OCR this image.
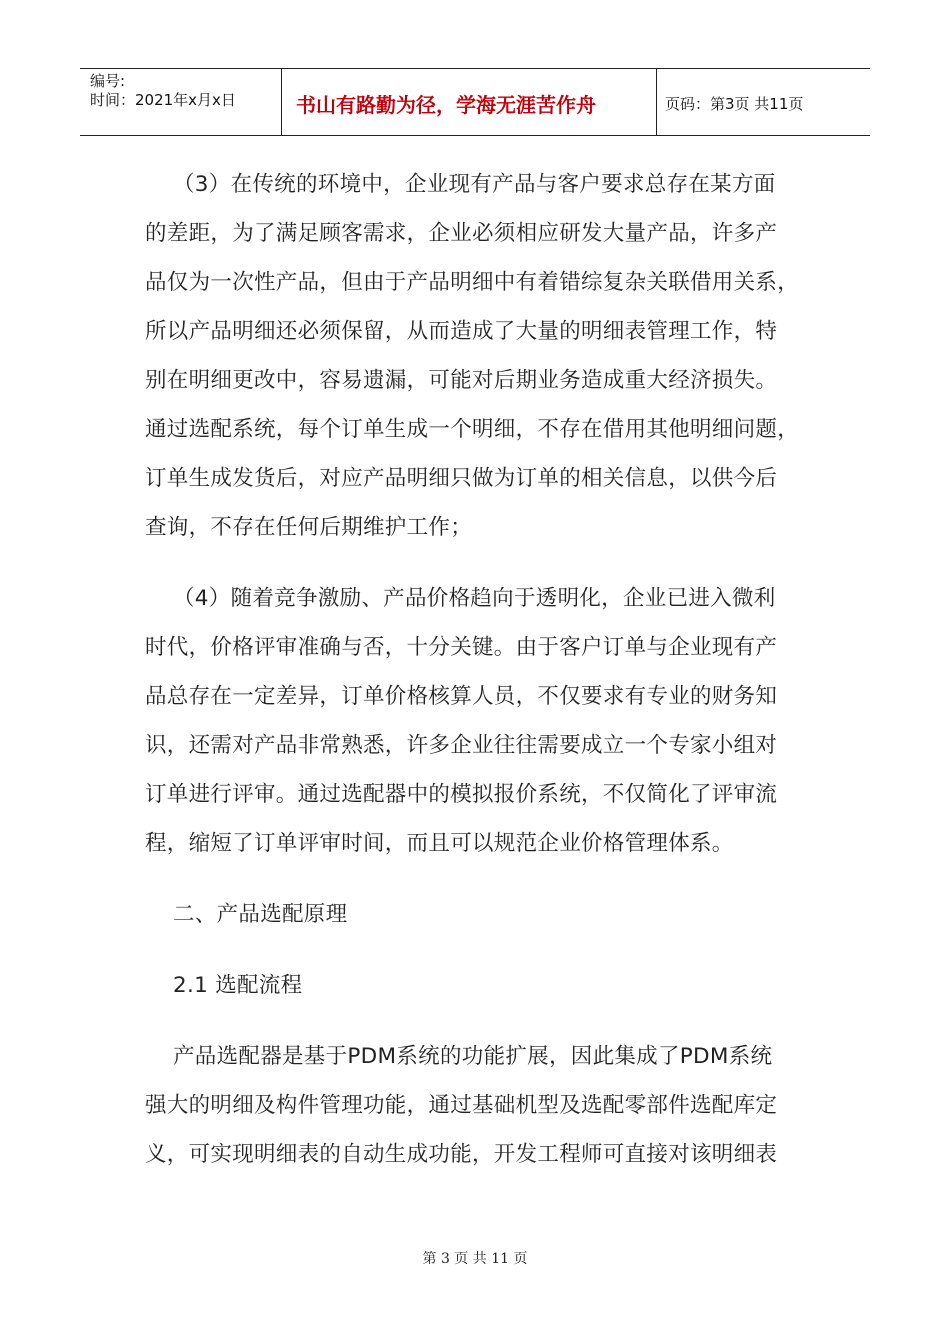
编号:
时间：2021年x月x日	书山有路勤为径，学海无涯苦作舟	页码：第3页 共11页
（3）在传统的环境中，企业现有产品与客户要求总存在某方面
的差距，为了满足顾客需求，企业必须相应研发大量产品，许多产
品仅为一次性产品，但由于产品明细中有着错综复杂关联借用关系，
所以产品明细还必须保留，从而造成了大量的明细表管理工作，特
别在明细更改中，容易遗漏，可能对后期业务造成重大经济损失。
通过选配系统，每个订单生成一个明细，不存在借用其他明细问题，
订单生成发货后，对应产品明细只做为订单的相关信息，以供今后
查询，不存在任何后期维护工作；
（4）随着竞争激励、产品价格趋向于透明化，企业已进入微利
时代，价格评审准确与否，十分关键。由于客户订单与企业现有产
品总存在一定差异，订单价格核算人员，不仅要求有专业的财务知
识，还需对产品非常熟悉，许多企业往往需要成立一个专家小组对
订单进行评审。通过选配器中的模拟报价系统，不仅简化了评审流
程，缩短了订单评审时间，而且可以规范企业价格管理体系。
二、产品选配原理
2.1 选配流程
产品选配器是基于PDM系统的功能扩展，因此集成了PDM系统
强大的明细及构件管理功能，通过基础机型及选配零部件选配库定
义，可实现明细表的自动生成功能，开发工程师可直接对该明细表
第 3 页 共 11 页
